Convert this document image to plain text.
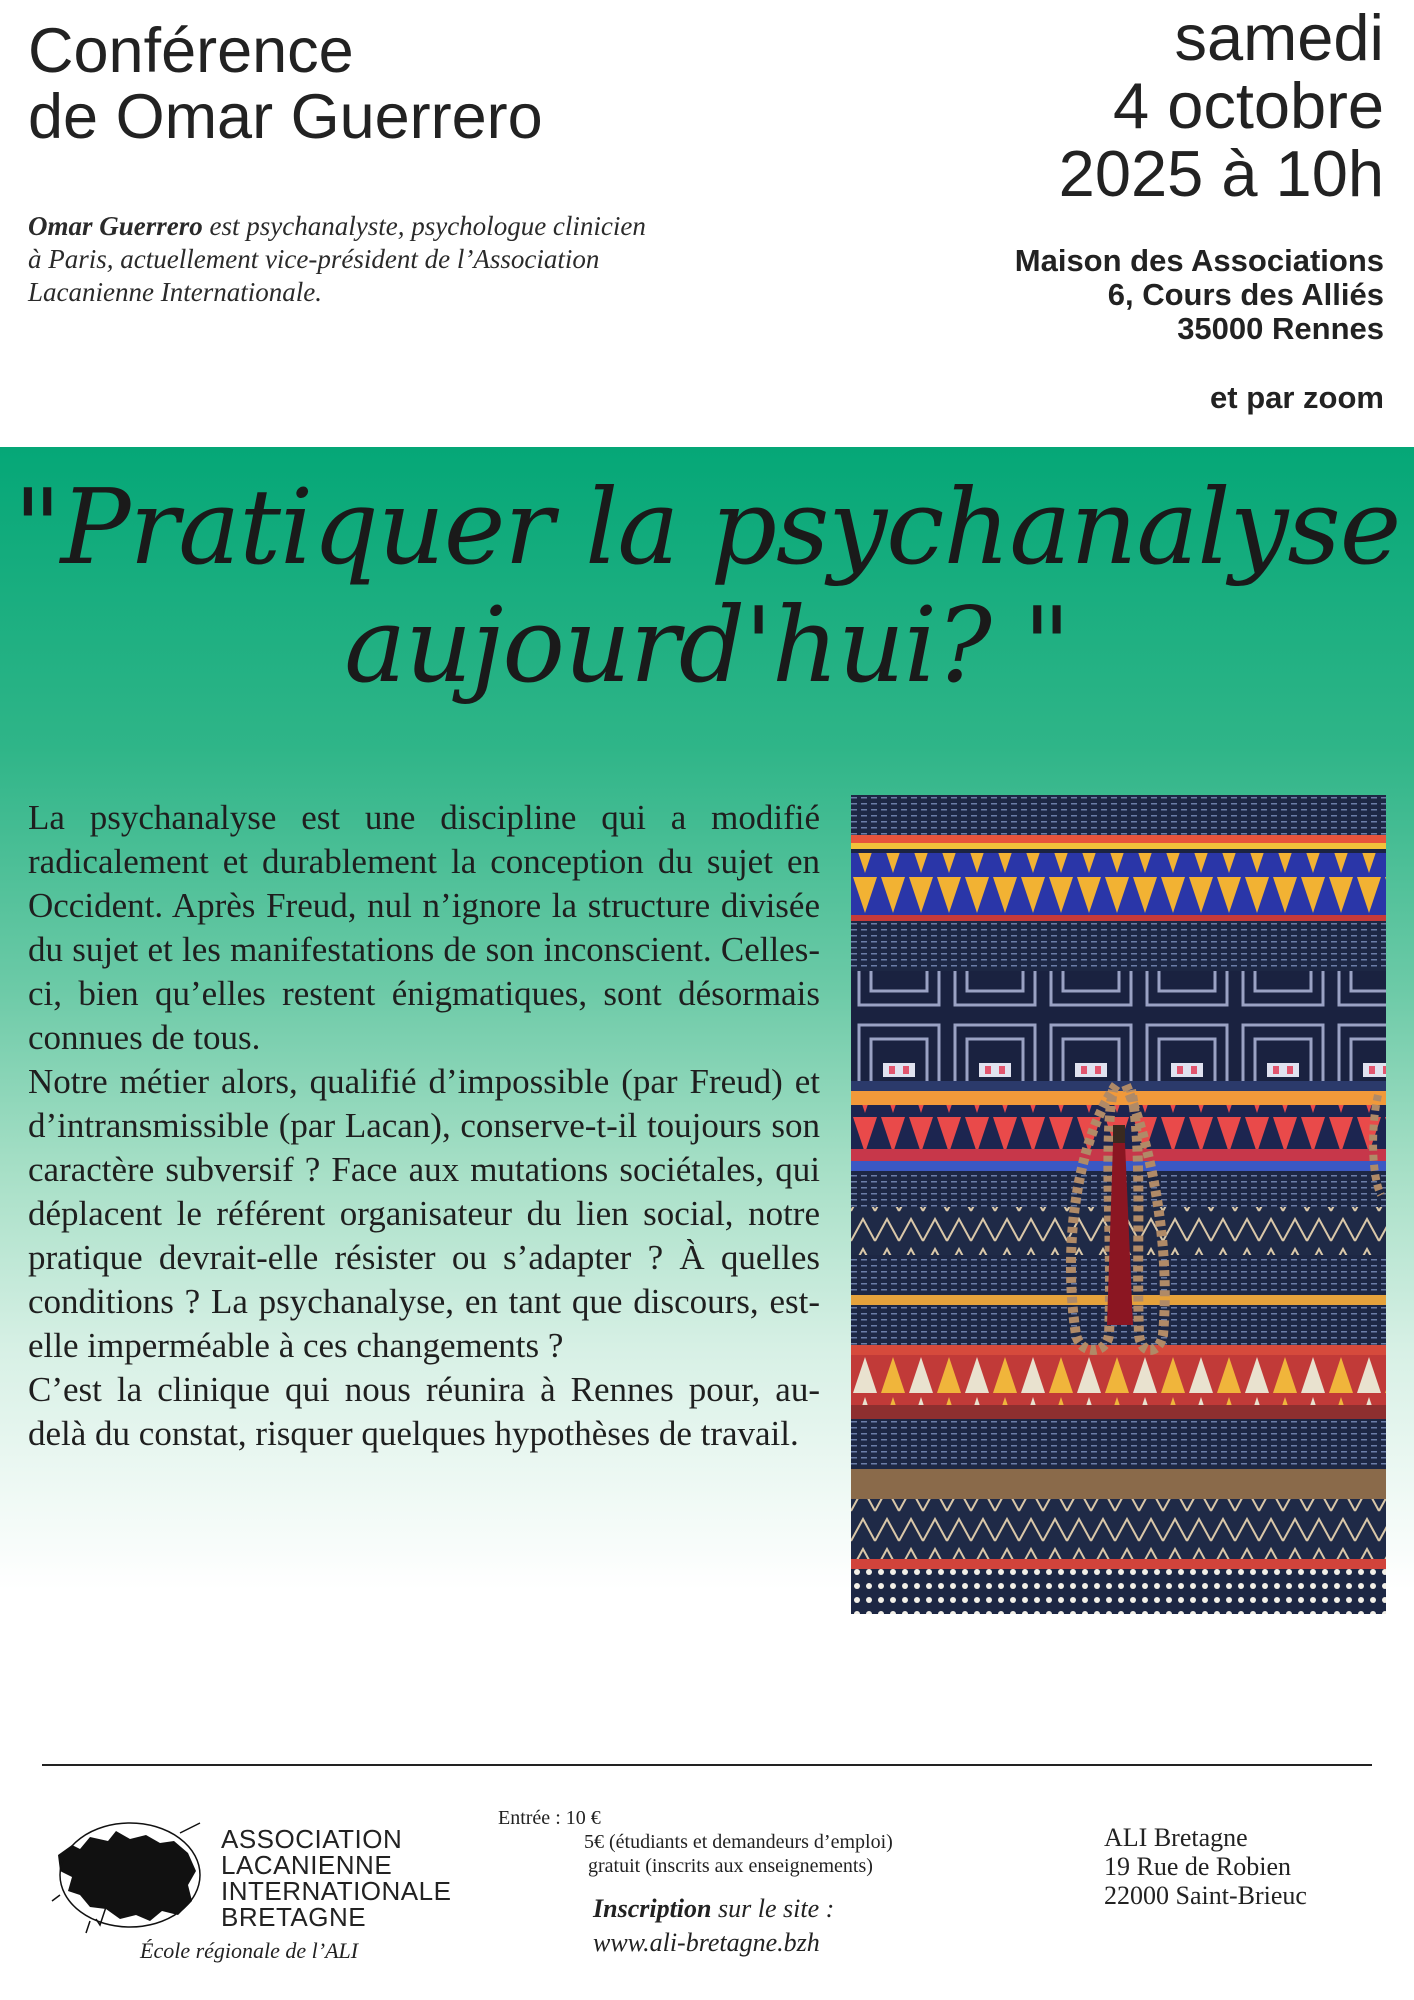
Conférence
de Omar Guerrero
Omar Guerrero est psychanalyste, psychologue clinicien
à Paris, actuellement vice-président de l’Association
Lacanienne Internationale.
samedi
4 octobre
2025 à 10h
Maison des Associations
6, Cours des Alliés
35000 Rennes
et par zoom
"Pratiquer la psychanalyse
aujourd'hui? "

La psychanalyse est une discipline qui a modifié radicalement et durablement la conception du sujet en Occident. Après Freud, nul n’ignore la structure divisée du sujet et les manifestations de son inconscient. Celles-ci, bien qu’elles restent énigmatiques, sont désormais connues de tous.

Notre métier alors, qualifié d’impossible (par Freud) et d’intransmissible (par Lacan), conserve-t-il toujours son caractère subversif ? Face aux mutations sociétales, qui déplacent le référent organisateur du lien social, notre pratique devrait-elle résister ou s’adapter ? À quelles conditions ? La psychanalyse, en tant que discours, est-elle imperméable à ces changements ?

C’est la clinique qui nous réunira à Rennes pour, au-delà du constat, risquer quelques hypothèses de travail.

ASSOCIATION
LACANIENNE
INTERNATIONALE
BRETAGNE
École régionale de l’ALI
Entrée : 10 €
5€ (étudiants et demandeurs d’emploi)
gratuit (inscrits aux enseignements)
Inscription sur le site :
www.ali-bretagne.bzh
ALI Bretagne
19 Rue de Robien
22000 Saint-Brieuc
